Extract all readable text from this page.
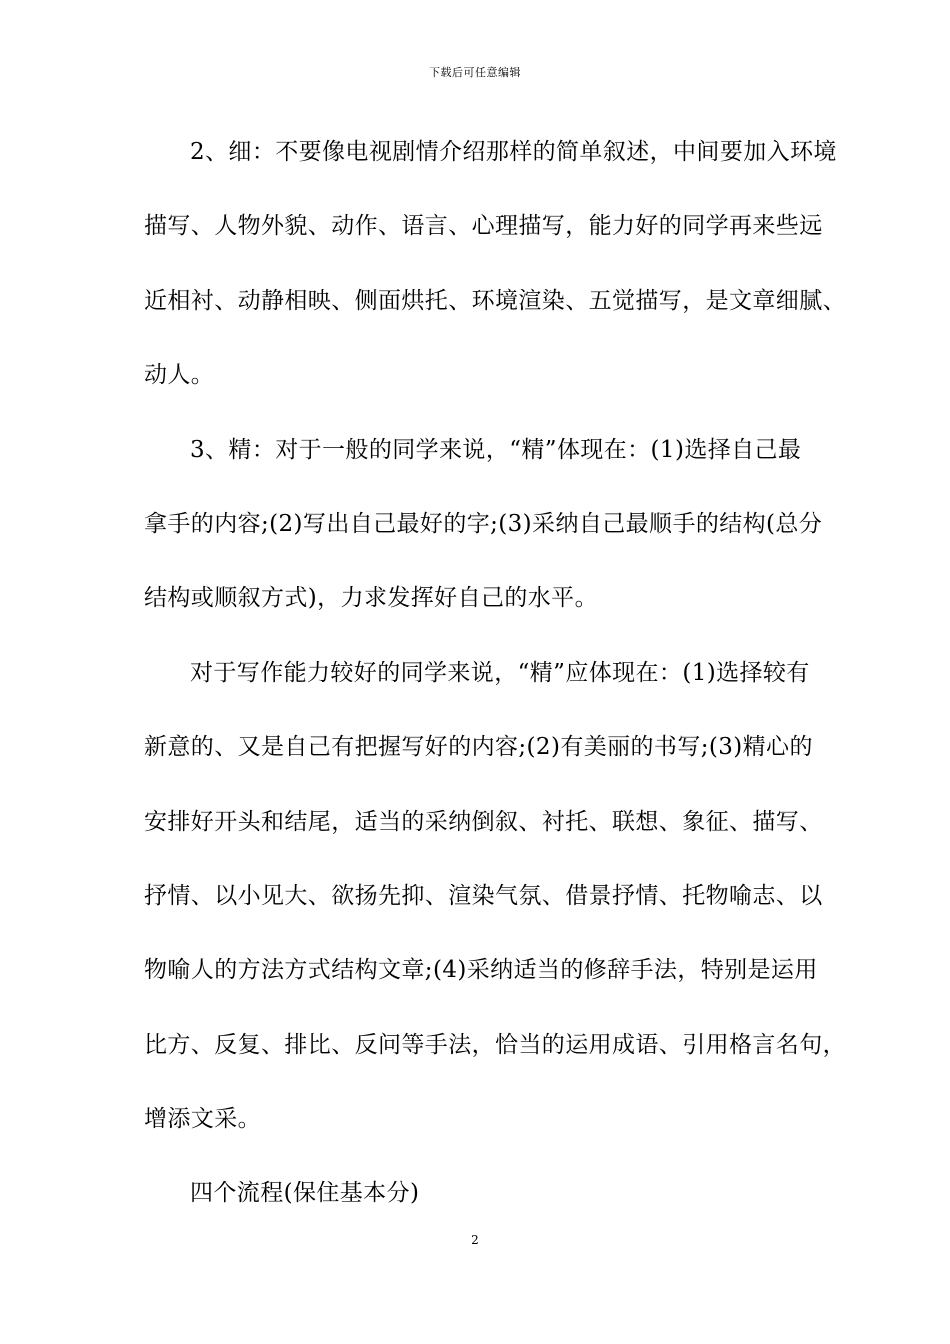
下载后可任意编辑
2、细：不要像电视剧情介绍那样的简单叙述，中间要加入环境
描写、人物外貌、动作、语言、心理描写，能力好的同学再来些远
近相衬、动静相映、侧面烘托、环境渲染、五觉描写，是文章细腻、
动人。
3、精：对于一般的同学来说，“精”体现在：(1)选择自己最
拿手的内容;(2)写出自己最好的字;(3)采纳自己最顺手的结构(总分
结构或顺叙方式)，力求发挥好自己的水平。
对于写作能力较好的同学来说，“精”应体现在：(1)选择较有
新意的、又是自己有把握写好的内容;(2)有美丽的书写;(3)精心的
安排好开头和结尾，适当的采纳倒叙、衬托、联想、象征、描写、
抒情、以小见大、欲扬先抑、渲染气氛、借景抒情、托物喻志、以
物喻人的方法方式结构文章;(4)采纳适当的修辞手法，特别是运用
比方、反复、排比、反问等手法，恰当的运用成语、引用格言名句，
增添文采。
四个流程(保住基本分)
2
